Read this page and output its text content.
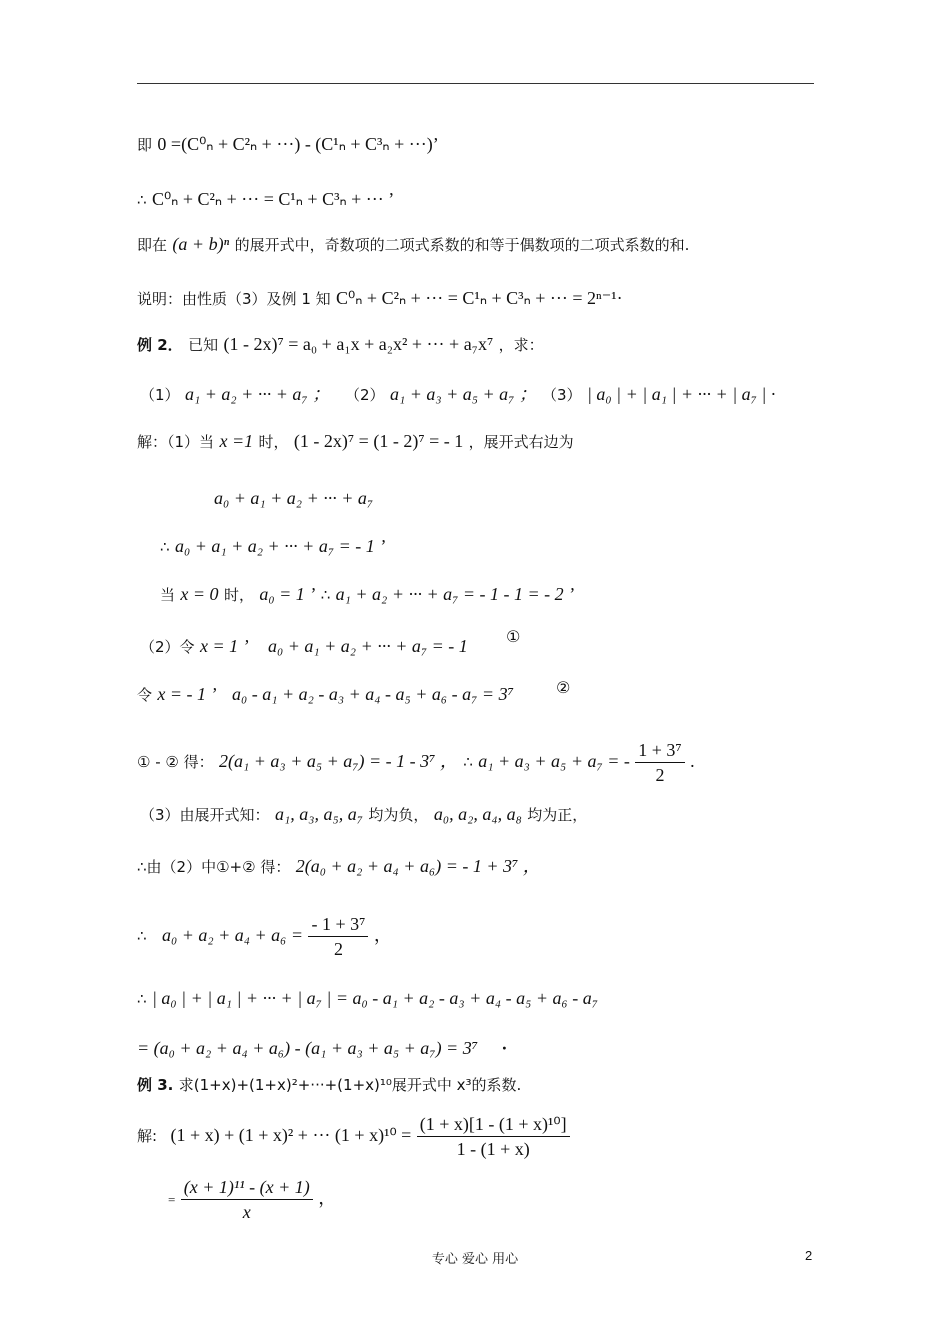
即 0 =(C⁰ₙ + C²ₙ + ···) - (C¹ₙ + C³ₙ + ···)’
∴ C⁰ₙ + C²ₙ + ··· = C¹ₙ + C³ₙ + ··· ’
即在 (a + b)ⁿ 的展开式中，奇数项的二项式系数的和等于偶数项的二项式系数的和.
说明：由性质（3）及例 1 知 C⁰ₙ + C²ₙ + ··· = C¹ₙ + C³ₙ + ··· = 2ⁿ⁻¹·
例 2． 已知 (1 - 2x)⁷ = a₀ + a₁x + a₂x² + ··· + a₇x⁷ ，求：
（1） a₁ + a₂ + ··· + a₇ ； （2） a₁ + a₃ + a₅ + a₇ ； （3） | a₀ | + | a₁ | + ··· + | a₇ | ·
解：（1）当 x =1 时， (1 - 2x)⁷ = (1 - 2)⁷ = - 1 ，展开式右边为
a₀ + a₁ + a₂ + ··· + a₇
∴ a₀ + a₁ + a₂ + ··· + a₇ = - 1 ’
当 x = 0 时， a₀ = 1 ’ ∴ a₁ + a₂ + ··· + a₇ = - 1 - 1 = - 2 ’
（2）令 x = 1 ’ a₀ + a₁ + a₂ + ··· + a₇ = - 1 ①
令 x = - 1 ’ a₀ - a₁ + a₂ - a₃ + a₄ - a₅ + a₆ - a₇ = 3⁷	②
① - ② 得： 2(a₁ + a₃ + a₅ + a₇) = - 1 - 3⁷ ， ∴ a₁ + a₃ + a₅ + a₇ = - $\frac{\text{1 + 3⁷}}{2}$ .
（3）由展开式知： a₁, a₃, a₅, a₇ 均为负， a₀, a₂, a₄, a₈ 均为正，
∴由（2）中①+② 得： 2(a₀ + a₂ + a₄ + a₆) = - 1 + 3⁷ ，
∴ $a_0 + a_2 + a_4 + a_6 = \frac{\text{- 1 + 3⁷}}{2}$ ，
∴ | a₀ | + | a₁ | + ··· + | a₇ | = a₀ - a₁ + a₂ - a₃ + a₄ - a₅ + a₆ - a₇
= (a₀ + a₂ + a₄ + a₆) - (a₁ + a₃ + a₅ + a₇) = 3⁷ ·
例 3. 求(1+x)+(1+x)²+···+(1+x)¹⁰展开式中 x³的系数.
解: (1 + x) + (1 + x)² + ··· $(1 + x)^{10} = \frac{\text{(1 + x)[1 - (1 + x)¹⁰]}}{1 - (1 + x)}$
= $\frac{\text{(x + 1)¹¹ - (x + 1)}}{x}$ ，
专心 爱心 用心	2
